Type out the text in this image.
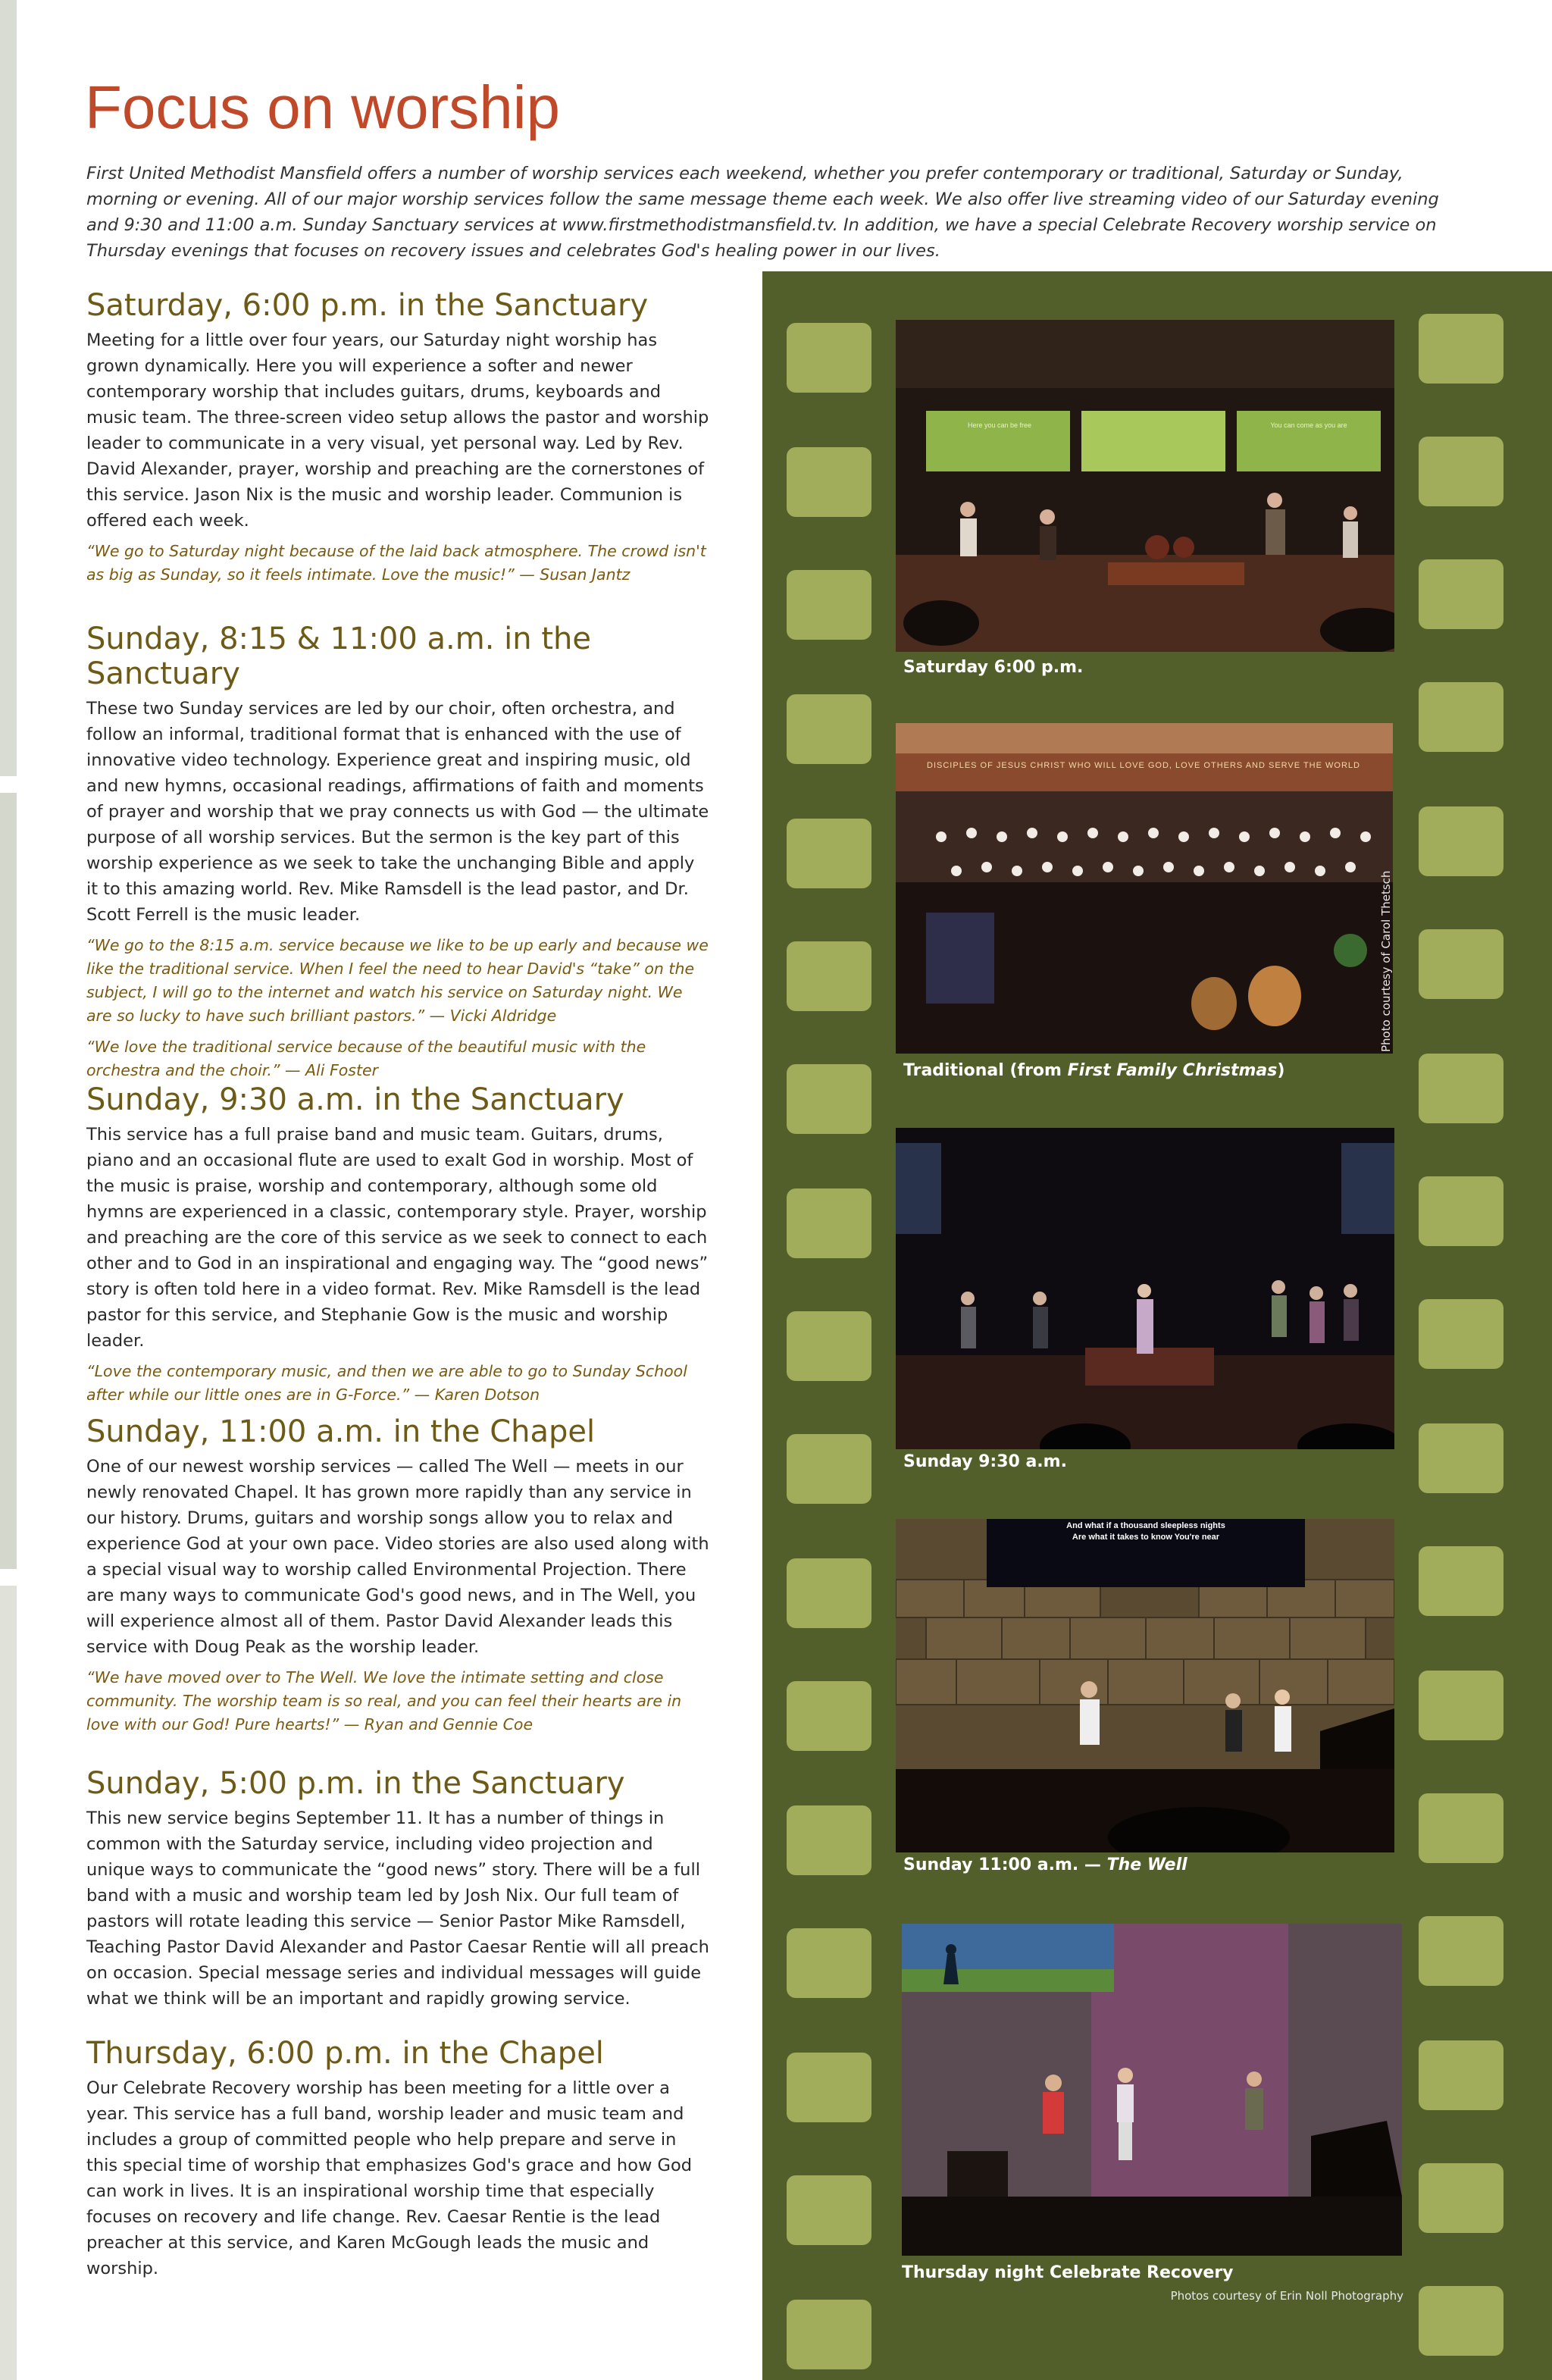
Focus on worship

First United Methodist Mansfield offers a number of worship services each weekend, whether you prefer contemporary or traditional, Saturday or Sunday, morning or evening. All of our major worship services follow the same message theme each week. We also offer live streaming video of our Saturday evening and 9:30 and 11:00 a.m. Sunday Sanctuary services at www.firstmethodistmansfield.tv. In addition, we have a special Celebrate Recovery worship service on Thursday evenings that focuses on recovery issues and celebrates God's healing power in our lives.

Saturday, 6:00 p.m. in the Sanctuary

Meeting for a little over four years, our Saturday night worship has grown dynamically. Here you will experience a softer and newer contemporary worship that includes guitars, drums, keyboards and music team. The three-screen video setup allows the pastor and worship leader to communicate in a very visual, yet personal way. Led by Rev. David Alexander, prayer, worship and preaching are the cornerstones of this service. Jason Nix is the music and worship leader. Communion is offered each week.

“We go to Saturday night because of the laid back atmosphere. The crowd isn't as big as Sunday, so it feels intimate. Love the music!” — Susan Jantz

Sunday, 8:15 & 11:00 a.m. in the Sanctuary

These two Sunday services are led by our choir, often orchestra, and follow an informal, traditional format that is enhanced with the use of innovative video technology. Experience great and inspiring music, old and new hymns, occasional readings, affirmations of faith and moments of prayer and worship that we pray connects us with God — the ultimate purpose of all worship services. But the sermon is the key part of this worship experience as we seek to take the unchanging Bible and apply it to this amazing world. Rev. Mike Ramsdell is the lead pastor, and Dr. Scott Ferrell is the music leader.

“We go to the 8:15 a.m. service because we like to be up early and because we like the traditional service. When I feel the need to hear David's “take” on the subject, I will go to the internet and watch his service on Saturday night. We are so lucky to have such brilliant pastors.” — Vicki Aldridge

“We love the traditional service because of the beautiful music with the orchestra and the choir.” — Ali Foster

Sunday, 9:30 a.m. in the Sanctuary

This service has a full praise band and music team. Guitars, drums, piano and an occasional flute are used to exalt God in worship. Most of the music is praise, worship and contemporary, although some old hymns are experienced in a classic, contemporary style. Prayer, worship and preaching are the core of this service as we seek to connect to each other and to God in an inspirational and engaging way. The “good news” story is often told here in a video format. Rev. Mike Ramsdell is the lead pastor for this service, and Stephanie Gow is the music and worship leader.

“Love the contemporary music, and then we are able to go to Sunday School after while our little ones are in G-Force.” — Karen Dotson

Sunday, 11:00 a.m. in the Chapel

One of our newest worship services — called The Well — meets in our newly renovated Chapel. It has grown more rapidly than any service in our history. Drums, guitars and worship songs allow you to relax and experience God at your own pace. Video stories are also used along with a special visual way to worship called Environmental Projection. There are many ways to communicate God's good news, and in The Well, you will experience almost all of them. Pastor David Alexander leads this service with Doug Peak as the worship leader.

“We have moved over to The Well. We love the intimate setting and close community. The worship team is so real, and you can feel their hearts are in love with our God! Pure hearts!” — Ryan and Gennie Coe

Sunday, 5:00 p.m. in the Sanctuary

This new service begins September 11. It has a number of things in common with the Saturday service, including video projection and unique ways to communicate the “good news” story. There will be a full band with a music and worship team led by Josh Nix. Our full team of pastors will rotate leading this service — Senior Pastor Mike Ramsdell, Teaching Pastor David Alexander and Pastor Caesar Rentie will all preach on occasion. Special message series and individual messages will guide what we think will be an important and rapidly growing service.

Thursday, 6:00 p.m. in the Chapel

Our Celebrate Recovery worship has been meeting for a little over a year. This service has a full band, worship leader and music team and includes a group of committed people who help prepare and serve in this special time of worship that emphasizes God's grace and how God can work in lives. It is an inspirational worship time that especially focuses on recovery and life change. Rev. Caesar Rentie is the lead preacher at this service, and Karen McGough leads the music and worship.

Here you can be free	You can come as you are
Saturday 6:00 p.m.
DISCIPLES OF JESUS CHRIST WHO WILL LOVE GOD, LOVE OTHERS AND SERVE THE WORLD
Traditional (from First Family Christmas)
Photo courtesy of Carol Thetsch
Sunday 9:30 a.m.
And what if a thousand sleepless nights
Are what it takes to know You're near
Sunday 11:00 a.m. — The Well
Thursday night Celebrate Recovery
Photos courtesy of Erin Noll Photography
